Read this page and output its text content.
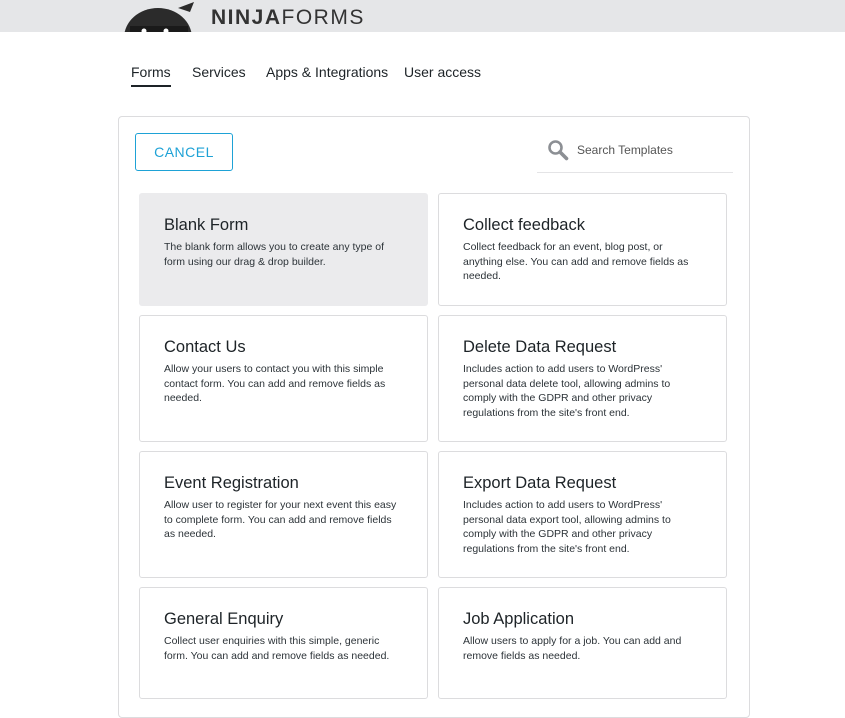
NINJAFORMS
Forms Services Apps & Integrations User access
CANCEL
Search Templates
Blank Form
The blank form allows you to create any type of form using our drag & drop builder.
Collect feedback
Collect feedback for an event, blog post, or anything else. You can add and remove fields as needed.
Contact Us
Allow your users to contact you with this simple contact form. You can add and remove fields as needed.
Delete Data Request
Includes action to add users to WordPress' personal data delete tool, allowing admins to comply with the GDPR and other privacy regulations from the site's front end.
Event Registration
Allow user to register for your next event this easy to complete form. You can add and remove fields as needed.
Export Data Request
Includes action to add users to WordPress' personal data export tool, allowing admins to comply with the GDPR and other privacy regulations from the site's front end.
General Enquiry
Collect user enquiries with this simple, generic form. You can add and remove fields as needed.
Job Application
Allow users to apply for a job. You can add and remove fields as needed.
